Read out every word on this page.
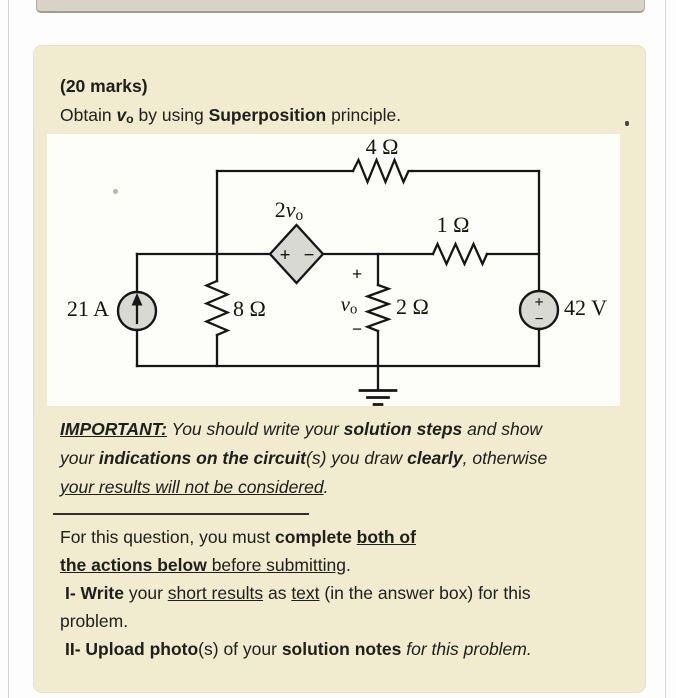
(20 marks)
Obtain vo by using Superposition principle.
+
−
+ −
21 A	8 Ω
4 Ω
2vo	1 Ω
+
vo
−
2 Ω	42 V
IMPORTANT: You should write your solution steps and show
your indications on the circuit(s) you draw clearly, otherwise
your results will not be considered.
For this question, you must complete both of
the actions below before submitting.
I- Write your short results as text (in the answer box) for this
problem.
II- Upload photo(s) of your solution notes for this problem.
